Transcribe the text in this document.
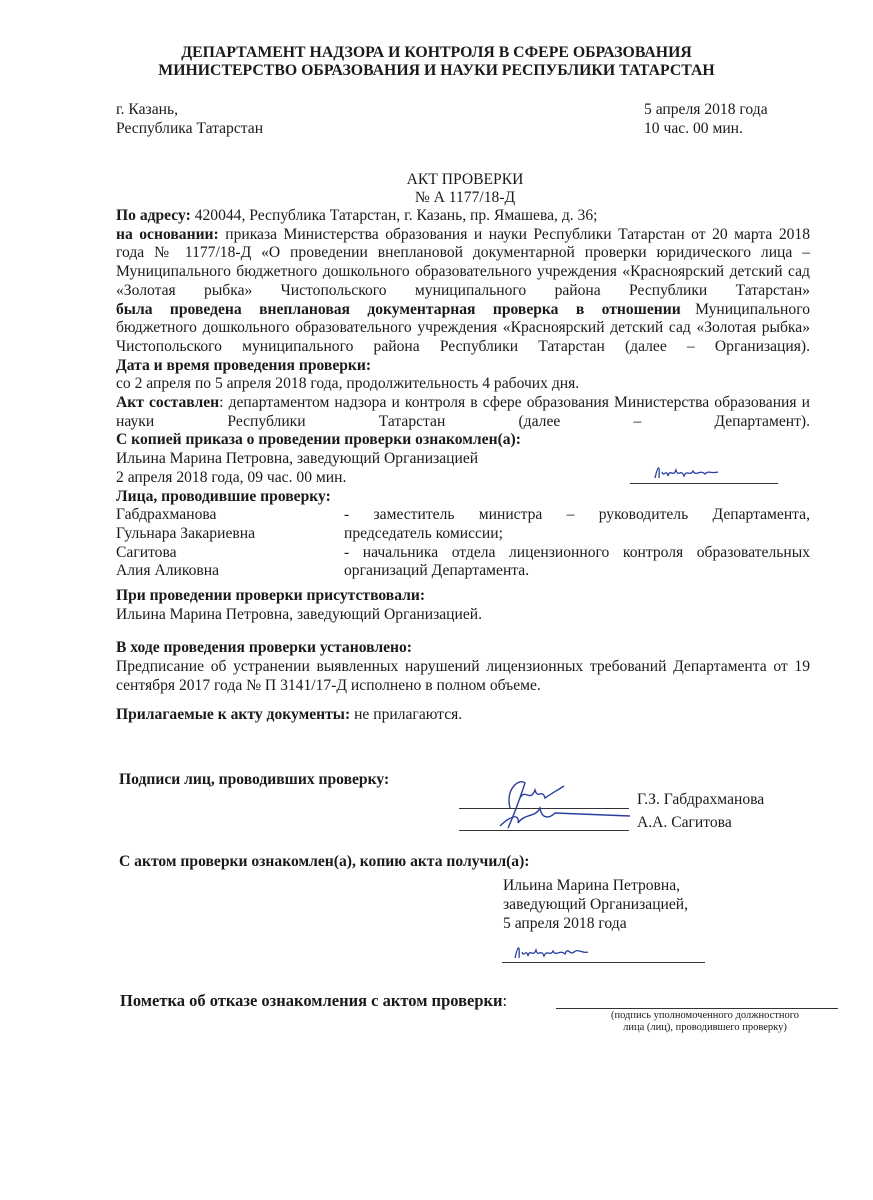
ДЕПАРТАМЕНТ НАДЗОРА И КОНТРОЛЯ В СФЕРЕ ОБРАЗОВАНИЯ
МИНИСТЕРСТВО ОБРАЗОВАНИЯ И НАУКИ РЕСПУБЛИКИ ТАТАРСТАН
г. Казань,
Республика Татарстан
5 апреля 2018 года
10 час. 00 мин.
АКТ ПРОВЕРКИ
№ А 1177/18-Д
По адресу: 420044, Республика Татарстан, г. Казань, пр. Ямашева, д. 36;
на основании: приказа Министерства образования и науки Республики Татарстан от 20 марта 2018 года № 1177/18-Д «О проведении внеплановой документарной проверки юридического лица – Муниципального бюджетного дошкольного образовательного учреждения «Красноярский детский сад «Золотая рыбка» Чистопольского муниципального района Республики Татарстан»
была проведена внеплановая документарная проверка в отношении Муниципального бюджетного дошкольного образовательного учреждения «Красноярский детский сад «Золотая рыбка» Чистопольского муниципального района Республики Татарстан (далее – Организация).
Дата и время проведения проверки:
со 2 апреля по 5 апреля 2018 года, продолжительность 4 рабочих дня.
Акт составлен: департаментом надзора и контроля в сфере образования Министерства образования и науки Республики Татарстан (далее – Департамент).
С копией приказа о проведении проверки ознакомлен(а):
Ильина Марина Петровна, заведующий Организацией
2 апреля 2018 года, 09 час. 00 мин.
Лица, проводившие проверку:
Габдрахманова	- заместитель министра – руководитель Департамента,
Гульнара Закариевна	председатель комиссии;
Сагитова	- начальника отдела лицензионного контроля образовательных
Алия Аликовна	организаций Департамента.
При проведении проверки присутствовали:
Ильина Марина Петровна, заведующий Организацией.
В ходе проведения проверки установлено:
Предписание об устранении выявленных нарушений лицензионных требований Департамента от 19 сентября 2017 года № П 3141/17-Д исполнено в полном объеме.
Прилагаемые к акту документы: не прилагаются.
Подписи лиц, проводивших проверку:
Г.З. Габдрахманова
А.А. Сагитова
С актом проверки ознакомлен(а), копию акта получил(а):
Ильина Марина Петровна,
заведующий Организацией,
5 апреля 2018 года
Пометка об отказе ознакомления с актом проверки:
(подпись уполномоченного должностного
лица (лиц), проводившего проверку)
